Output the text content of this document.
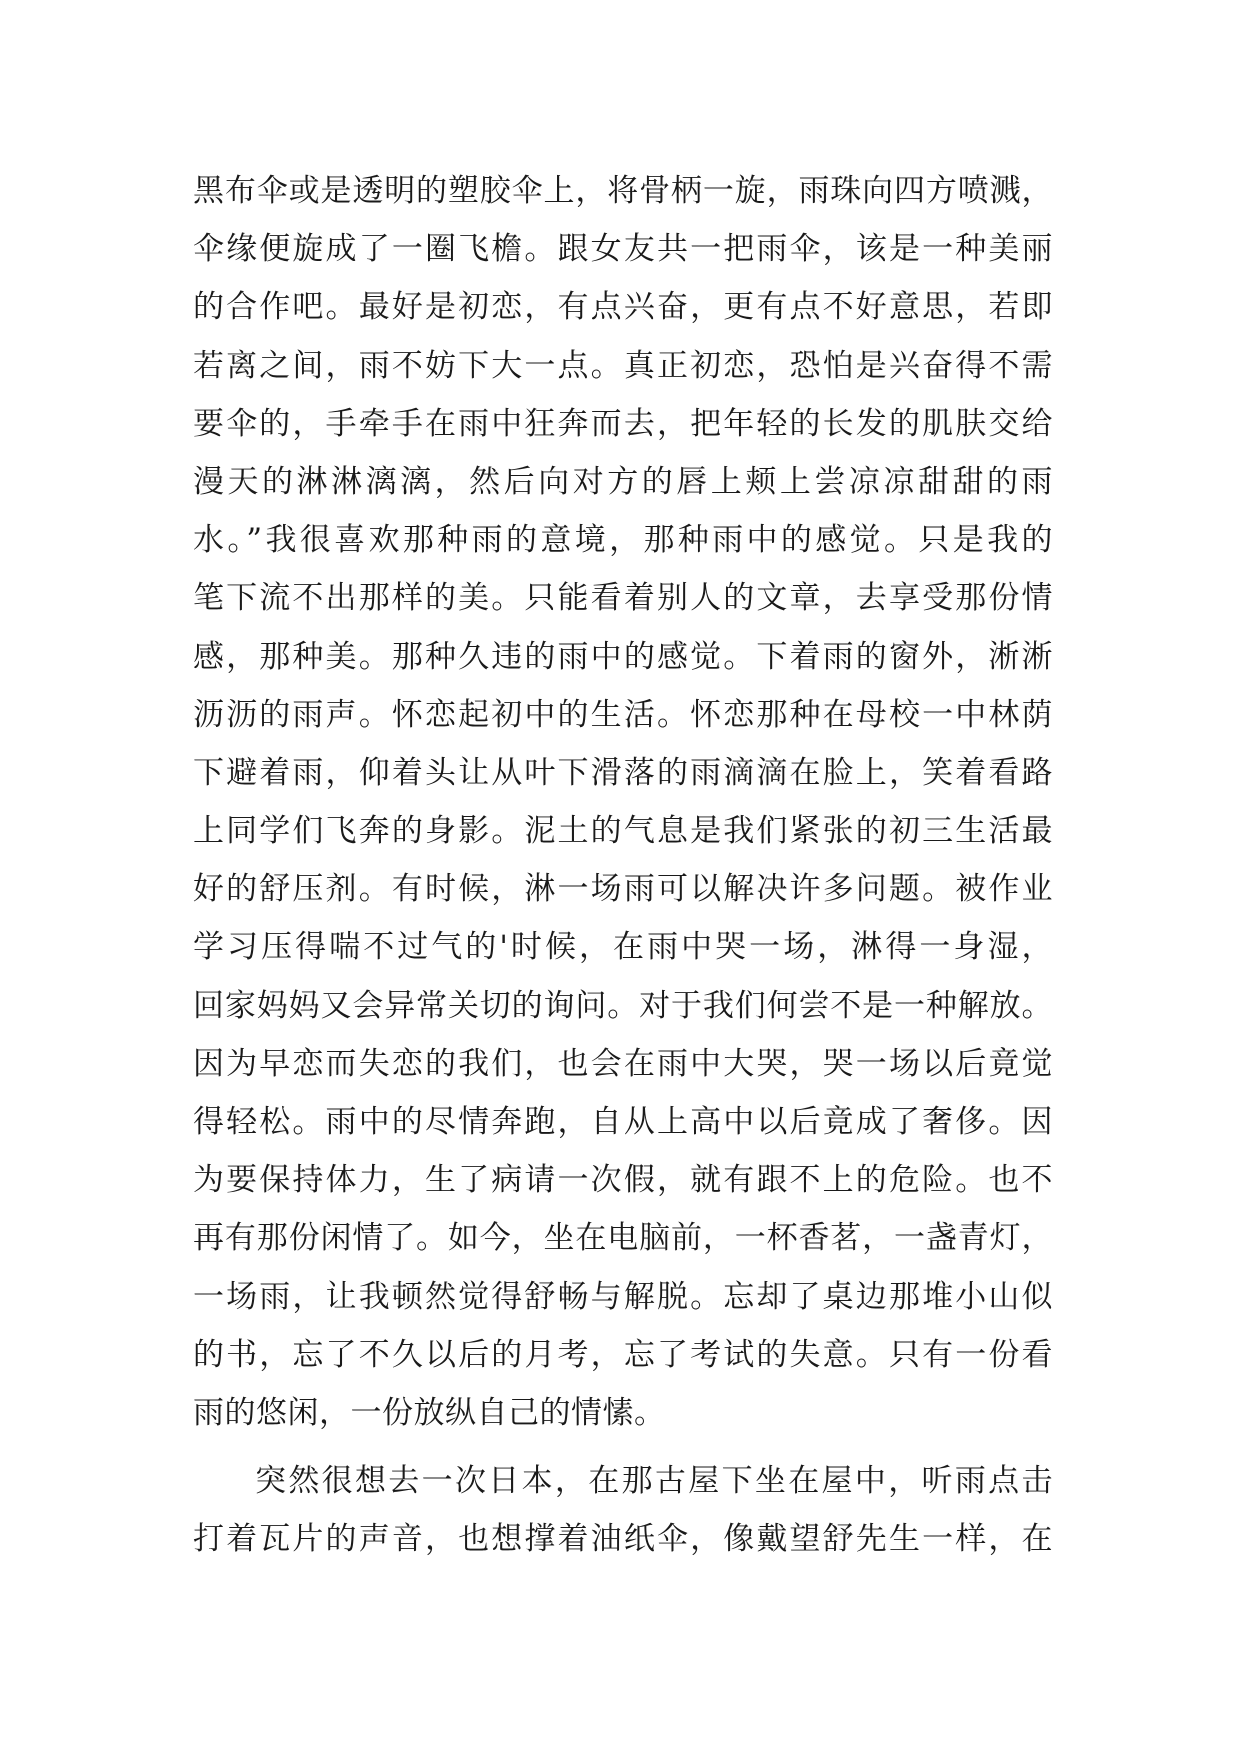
黑布伞或是透明的塑胶伞上，将骨柄一旋，雨珠向四方喷溅，
伞缘便旋成了一圈飞檐。跟女友共一把雨伞，该是一种美丽
的合作吧。最好是初恋，有点兴奋，更有点不好意思，若即
若离之间，雨不妨下大一点。真正初恋，恐怕是兴奋得不需
要伞的，手牵手在雨中狂奔而去，把年轻的长发的肌肤交给
漫天的淋淋漓漓，然后向对方的唇上颊上尝凉凉甜甜的雨
水。”我很喜欢那种雨的意境，那种雨中的感觉。只是我的
笔下流不出那样的美。只能看着别人的文章，去享受那份情
感，那种美。那种久违的雨中的感觉。下着雨的窗外，淅淅
沥沥的雨声。怀恋起初中的生活。怀恋那种在母校一中林荫
下避着雨，仰着头让从叶下滑落的雨滴滴在脸上，笑着看路
上同学们飞奔的身影。泥土的气息是我们紧张的初三生活最
好的舒压剂。有时候，淋一场雨可以解决许多问题。被作业
学习压得喘不过气的'时候，在雨中哭一场，淋得一身湿，
回家妈妈又会异常关切的询问。对于我们何尝不是一种解放。
因为早恋而失恋的我们，也会在雨中大哭，哭一场以后竟觉
得轻松。雨中的尽情奔跑，自从上高中以后竟成了奢侈。因
为要保持体力，生了病请一次假，就有跟不上的危险。也不
再有那份闲情了。如今，坐在电脑前，一杯香茗，一盏青灯，
一场雨，让我顿然觉得舒畅与解脱。忘却了桌边那堆小山似
的书，忘了不久以后的月考，忘了考试的失意。只有一份看
雨的悠闲，一份放纵自己的情愫。
突然很想去一次日本，在那古屋下坐在屋中，听雨点击
打着瓦片的声音，也想撑着油纸伞，像戴望舒先生一样，在
